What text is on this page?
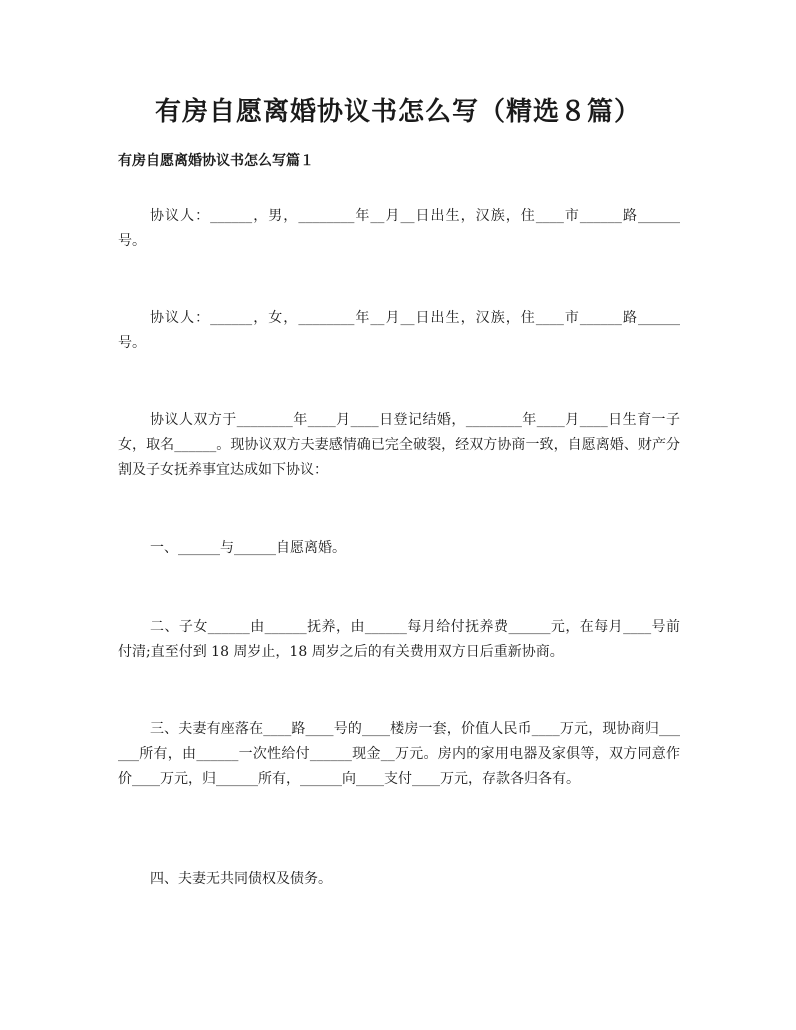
有房自愿离婚协议书怎么写（精选８篇）
有房自愿离婚协议书怎么写篇１

协议人：______，男，________年__月__日出生，汉族，住____市______路______号。

协议人：______，女，________年__月__日出生，汉族，住____市______路______号。

协议人双方于________年____月____日登记结婚，________年____月____日生育一子女，取名______。现协议双方夫妻感情确已完全破裂，经双方协商一致，自愿离婚、财产分割及子女抚养事宜达成如下协议：

一、______与______自愿离婚。

二、子女______由______抚养，由______每月给付抚养费______元，在每月____号前付清;直至付到 18 周岁止，18 周岁之后的有关费用双方日后重新协商。

三、夫妻有座落在____路____号的____楼房一套，价值人民币____万元，现协商归______所有，由______一次性给付______现金__万元。房内的家用电器及家俱等，双方同意作价____万元，归______所有，______向____支付____万元，存款各归各有。

四、夫妻无共同债权及债务。
